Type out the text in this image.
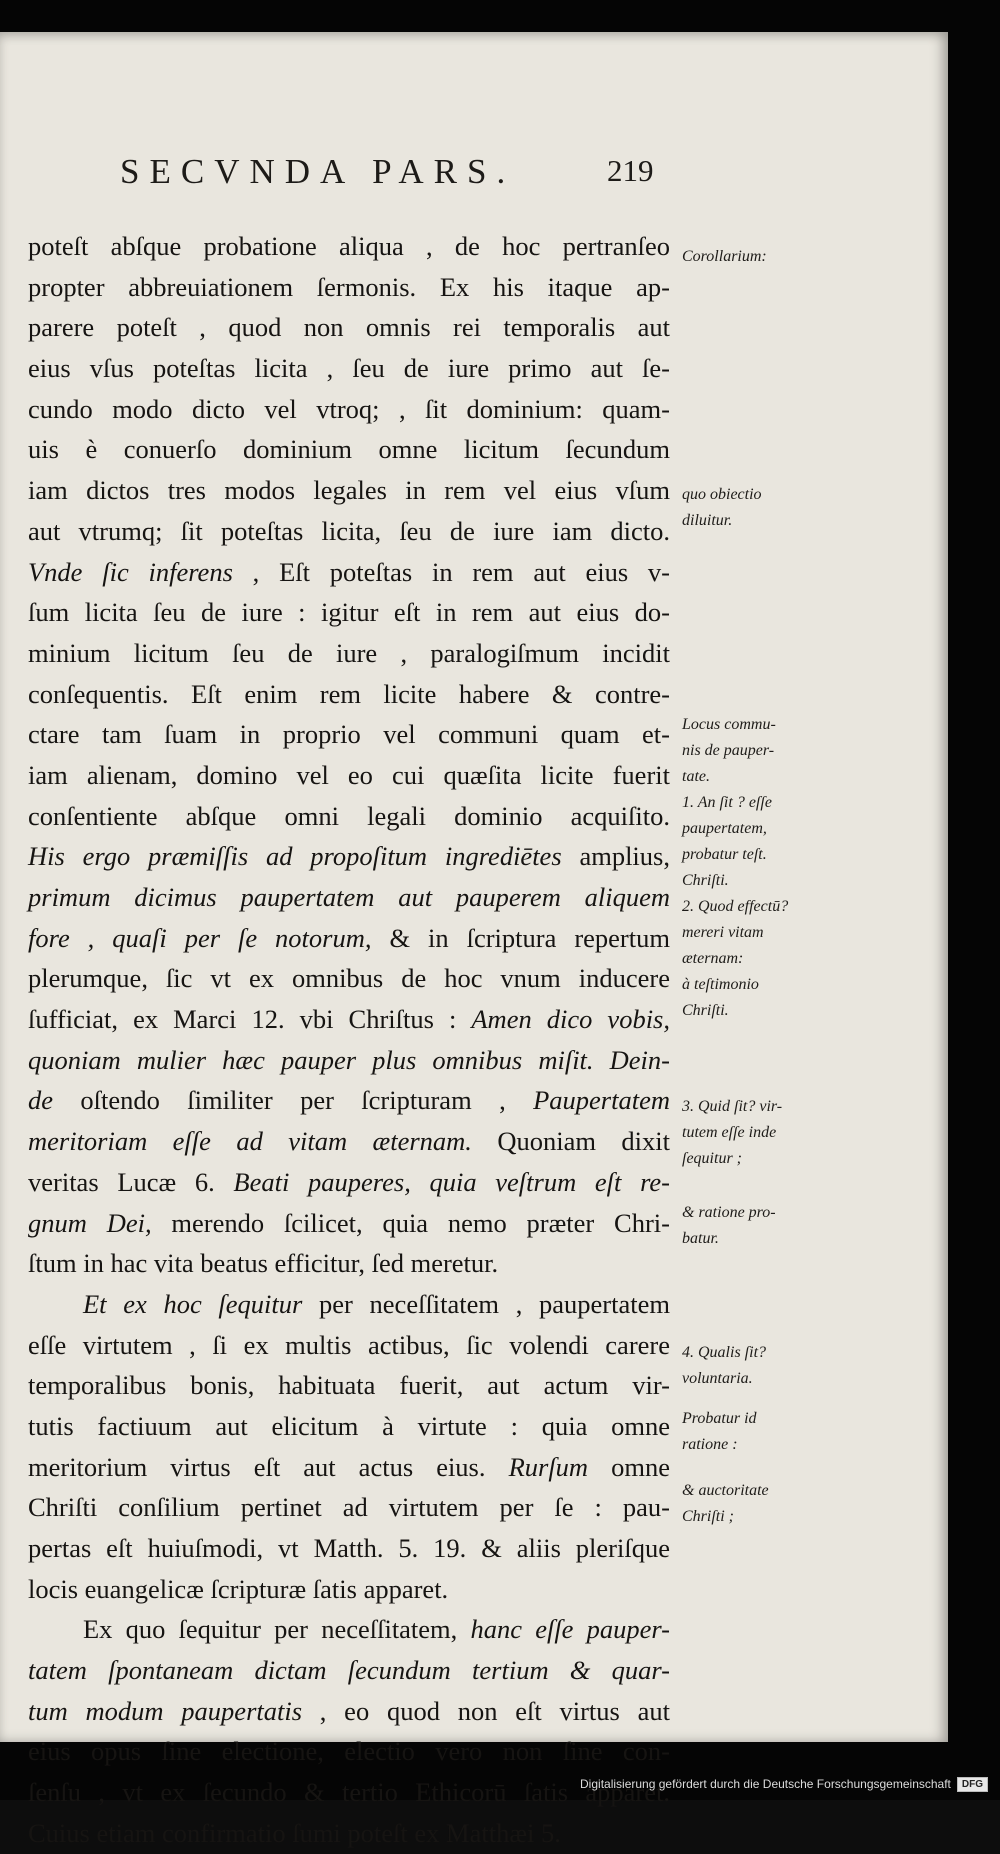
SECVNDA PARS.	219
poteſt abſque probatione aliqua , de hoc pertranſeo
propter abbreuiationem ſermonis. Ex his itaque ap-
parere poteſt , quod non omnis rei temporalis aut
eius vſus poteſtas licita , ſeu de iure primo aut ſe-
cundo modo dicto vel vtroq; , ſit dominium: quam-
uis è conuerſo dominium omne licitum ſecundum
iam dictos tres modos legales in rem vel eius vſum
aut vtrumq; ſit poteſtas licita, ſeu de iure iam dicto.
Vnde ſic inferens , Eſt poteſtas in rem aut eius v-
ſum licita ſeu de iure : igitur eſt in rem aut eius do-
minium licitum ſeu de iure , paralogiſmum incidit
conſequentis. Eſt enim rem licite habere & contre-
ctare tam ſuam in proprio vel communi quam et-
iam alienam, domino vel eo cui quæſita licite fuerit
conſentiente abſque omni legali dominio acquiſito.
His ergo præmiſſis ad propoſitum ingrediētes amplius,
primum dicimus paupertatem aut pauperem aliquem
fore , quaſi per ſe notorum, & in ſcriptura repertum
plerumque, ſic vt ex omnibus de hoc vnum inducere
ſufficiat, ex Marci 12. vbi Chriſtus : Amen dico vobis,
quoniam mulier hæc pauper plus omnibus miſit. Dein-
de oſtendo ſimiliter per ſcripturam , Paupertatem
meritoriam eſſe ad vitam æternam. Quoniam dixit
veritas Lucæ 6. Beati pauperes, quia veſtrum eſt re-
gnum Dei, merendo ſcilicet, quia nemo præter Chri-
ſtum in hac vita beatus efficitur, ſed meretur.
Et ex hoc ſequitur per neceſſitatem , paupertatem
eſſe virtutem , ſi ex multis actibus, ſic volendi carere
temporalibus bonis, habituata fuerit, aut actum vir-
tutis factiuum aut elicitum à virtute : quia omne
meritorium virtus eſt aut actus eius. Rurſum omne
Chriſti conſilium pertinet ad virtutem per ſe : pau-
pertas eſt huiuſmodi, vt Matth. 5. 19. & aliis pleriſque
locis euangelicæ ſcripturæ ſatis apparet.
Ex quo ſequitur per neceſſitatem, hanc eſſe pauper-
tatem ſpontaneam dictam ſecundum tertium & quar-
tum modum paupertatis , eo quod non eſt virtus aut
eius opus ſine electione, electio vero non ſine con-
ſenſu , vt ex ſecundo & tertio Ethicorū ſatis apparet.
Cuius etiam confirmatio ſumi poteſt ex Matthæi 5.
Corollarium:
quo obiectio
diluitur.
Locus commu-
nis de pauper-
tate.
1. An ſit ? eſſe
paupertatem,
probatur teſt.
Chriſti.
2. Quod effectū?
mereri vitam
æternam:
à teſtimonio
Chriſti.
3. Quid ſit? vir-
tutem eſſe inde
ſequitur ;
& ratione pro-
batur.
4. Qualis ſit?
voluntaria.
Probatur id
ratione :
& auctoritate
Chriſti ;
Digitalisierung gefördert durch die Deutsche Forschungsgemeinschaft	DFG
